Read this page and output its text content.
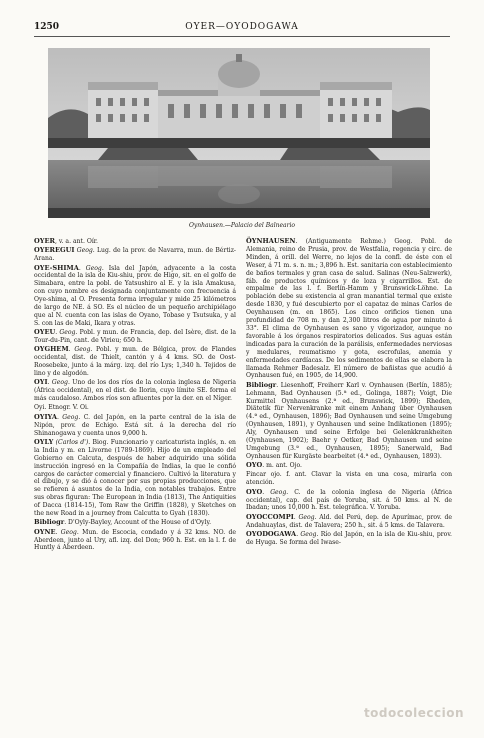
1250	OYER—OYODOGAWA
Oynhausen.—Palacio del Balneario

OYER, v. a. ant. Oír.

OYEREGUI Geog. Lug. de la prov. de Navarra, mun. de Bértiz-Arana.

OYE-SHIMA. Geog. Isla del Japón, adyacente a la costa occidental de la isla de Kiu-shiu, prov. de Higo, sit. en el golfo de Simabara, entre la pobl. de Yatsushiro al E. y la isla Amakusa, con cuyo nombre es designada conjuntamente con frecuencia á Oye-shima, al O. Presenta forma irregular y mide 25 kilómetros de largo de NE. á SO. Es el núcleo de un pequeño archipiélago que al N. cuenta con las islas de Oyano, Tobase y Tsutsuka, y al S. con las de Maki, Ikara y otras.

OYEU. Geog. Pobl. y mun. de Francia, dep. del Isère, dist. de la Tour-du-Pin, cant. de Virieu; 650 h.

OYGHEM. Geog. Pobl. y mun. de Bélgica, prov. de Flandes occidental, dist. de Thielt, cantón y á 4 kms. SO. de Oost-Roosebeke, junto á la márg. izq. del río Lys; 1,340 h. Tejidos de lino y de algodón.

OYI. Geog. Uno de los dos ríos de la colonia inglesa de Nigeria (África occidental), en el dist. de Ilorin, cuyo límite SE. forma el más caudaloso. Ambos ríos son afluentes por la der. en el Níger.

Oyi. Etnogr. V. Oi.

OYIYA. Geog. C. del Japón, en la parte central de la isla de Nipón, prov. de Echigo. Está sit. á la derecha del río Shinanogawa y cuenta unos 9,000 h.

OYLY (Carlos d'). Biog. Funcionario y caricaturista inglés, n. en la India y m. en Livorne (1789-1869). Hijo de un empleado del Gobierno en Calcuta, después de haber adquirido una sólida instrucción ingresó en la Compañía de Indias, la que le confió cargos de carácter comercial y financiero. Cultivó la literatura y el dibujo, y se dió á conocer por sus propias producciones, que se refieren á asuntos de la India, con notables trabajos. Entre sus obras figuran: The European in India (1813), The Antiquities of Dacca (1814-15), Tom Raw the Griffin (1828), y Sketches on the new Road in a journey from Calcutta to Gyah (1830).

Bibliogr. D'Oyly-Bayley, Account of the House of d'Oyly.

OYNE. Geog. Mun. de Escocia, condado y á 32 kms. NO. de Aberdeen, junto al Ury, afl. izq. del Don; 960 h. Est. en la l. f. de Huntly á Aberdeen.

ÖYNHAUSEN. (Antiguamente Rehme.) Geog. Pobl. de Alemania, reino de Prusia, prov. de Westfalia, regencia y circ. de Minden, á orill. del Werre, no lejos de la confl. de éste con el Weser, á 71 m. s. n. m.; 3,896 h. Est. sanitaria con establecimiento de baños termales y gran casa de salud. Salinas (Neu-Salzwerk), fáb. de productos químicos y de loza y cigarrillos. Est. de empalme de las l. f. Berlín-Hamm y Brunswick-Löhne. La población debe su existencia al gran manantial termal que existe desde 1830, y fué descubierto por el capataz de minas Carlos de Oeynhausen (m. en 1865). Los cinco orificios tienen una profundidad de 708 m. y dan 2,300 litros de agua por minuto á 33°. El clima de Oynhausen es sano y vigorizador, aunque no favorable á los órganos respiratorios delicados. Sus aguas están indicadas para la curación de la parálisis, enfermedades nerviosas y medulares, reumatismo y gota, escrofulas, anemia y enfermedades cardíacas. De los sedimentos de ellas se elabora la llamada Rehmer Badesalz. El número de bañistas que acudió á Oynhausen fué, en 1905, de 14,900.

Bibliogr. Liesenhoff, Freiherr Karl v. Oynhausen (Berlín, 1885); Lehmann, Bad Oynhausen (5.ª ed., Golinga, 1887); Voigt, Die Kurmittel Oynhausens (2.ª ed., Brunswick, 1899); Rheden, Diätetik für Nervenkranke mit einem Anhang über Oynhausen (4.ª ed., Oynhausen, 1896); Bad Oynhausen und seine Umgebung (Oynhausen, 1891), y Oynhausen und seine Indikationen (1895); Aly, Oynhausen und seine Erfolge bei Gelenkkrankheiten (Oynhausen, 1902); Baehr y Oetker, Bad Oynhausen und seine Umgebung (3.ª ed., Oynhausen, 1895); Sanerwald, Bad Oynhausen für Kurgäste bearbeitet (4.ª ed., Oynhausen, 1893).

OYO. m. ant. Ojo.

Fincar ojo. f. ant. Clavar la vista en una cosa, mirarla con atención.

OYO. Geog. C. de la colonia inglesa de Nigeria (África occidental), cap. del país de Yoruba, sit. á 50 kms. al N. de Ibadan; unos 10,000 h. Est. telegráfica. V. Yoruba.

OYOCCOMPI. Geog. Ald. del Perú, dep. de Apurímac, prov. de Andahuaylas, dist. de Talavera; 250 h., sit. á 5 kms. de Talavera.

OYODOGAWA. Geog. Río del Japón, en la isla de Kiu-shiu, prov. de Hyuga. Se forma del Iwase-

todocoleccion
